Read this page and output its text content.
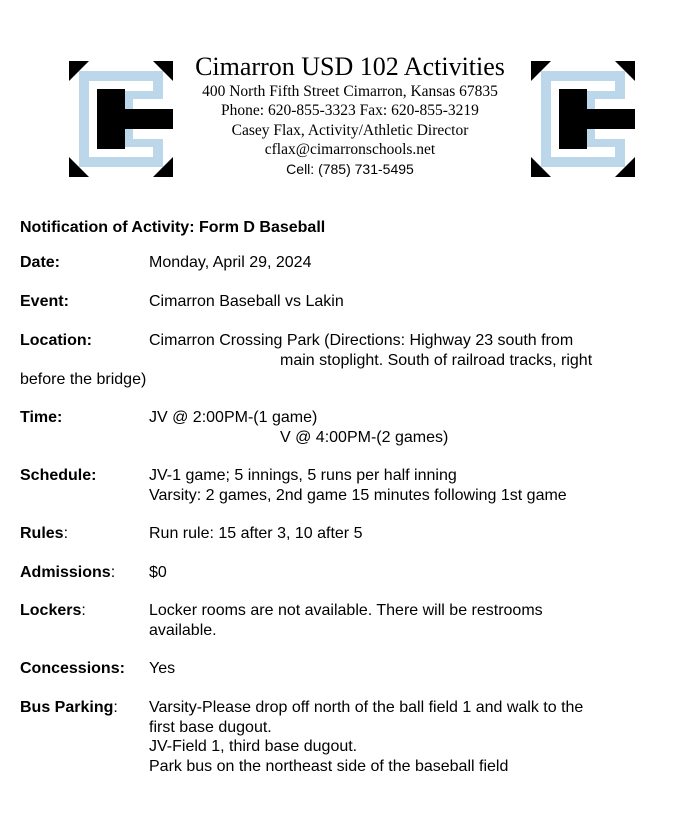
Cimarron USD 102 Activities
400 North Fifth Street Cimarron, Kansas 67835
Phone: 620-855-3323 Fax: 620-855-3219
Casey Flax, Activity/Athletic Director
cflax@cimarronschools.net
Cell: (785) 731-5495
Notification of Activity: Form D Baseball
Date:	Monday, April 29, 2024
Event:	Cimarron Baseball vs Lakin
Location:	Cimarron Crossing Park (Directions: Highway 23 south from
main stoplight. South of railroad tracks, right
before the bridge)
Time:	JV @ 2:00PM-(1 game)
V @ 4:00PM-(2 games)
Schedule:	JV-1 game; 5 innings, 5 runs per half inning
Varsity: 2 games, 2nd game 15 minutes following 1st game
Rules:	Run rule: 15 after 3, 10 after 5
Admissions: $0
Lockers:	Locker rooms are not available. There will be restrooms
available.
Concessions: Yes
Bus Parking: Varsity-Please drop off north of the ball field 1 and walk to the
first base dugout.
JV-Field 1, third base dugout.
Park bus on the northeast side of the baseball field
